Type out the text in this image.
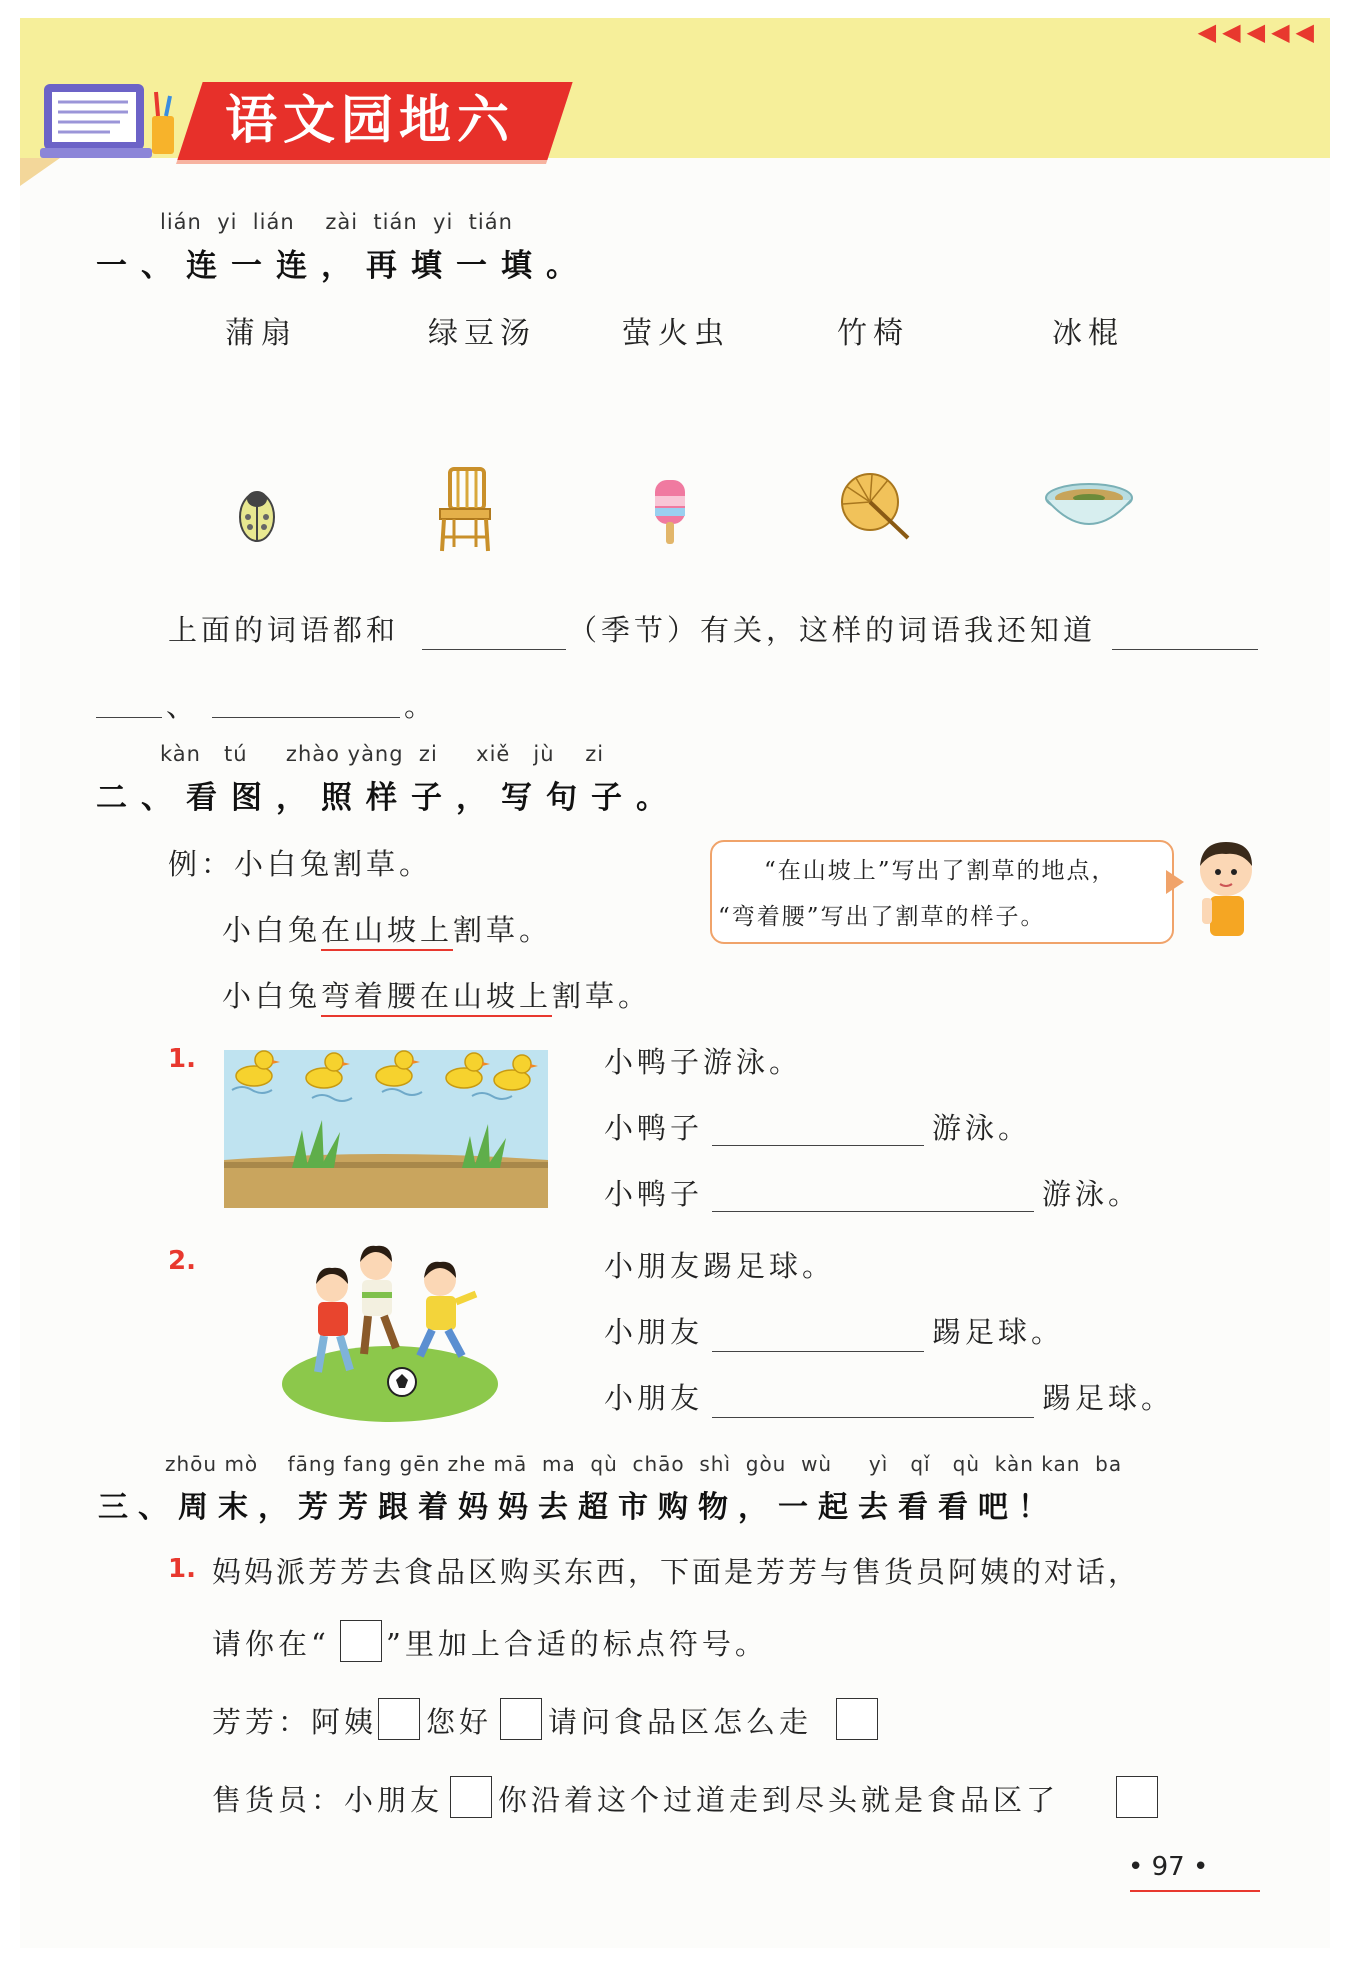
◀ ◀ ◀ ◀ ◀
语文园地六
lián  yi  lián    zài  tián  yi  tián
一、连一连，再填一填。
蒲扇	绿豆汤	萤火虫	竹椅	冰棍
上面的词语都和	（季节）有关，这样的词语我还知道
、	。
kàn   tú     zhào yàng  zi     xiě   jù    zi
二、看图，照样子，写句子。
例：小白兔割草。
小白兔在山坡上割草。
小白兔弯着腰在山坡上割草。
“在山坡上”写出了割草的地点，
“弯着腰”写出了割草的样子。
1.	小鸭子游泳。
小鸭子	游泳。
小鸭子	游泳。
2.	小朋友踢足球。
小朋友	踢足球。
小朋友	踢足球。
zhōu mò    fāng fang gēn zhe mā  ma  qù  chāo  shì  gòu  wù     yì   qǐ   qù  kàn kan  ba
三、周末，芳芳跟着妈妈去超市购物，一起去看看吧！
1. 妈妈派芳芳去食品区购买东西，下面是芳芳与售货员阿姨的对话，
请你在“ ”里加上合适的标点符号。
芳芳：阿姨 您好 请问食品区怎么走
售货员：小朋友 你沿着这个过道走到尽头就是食品区了
• 97 •
